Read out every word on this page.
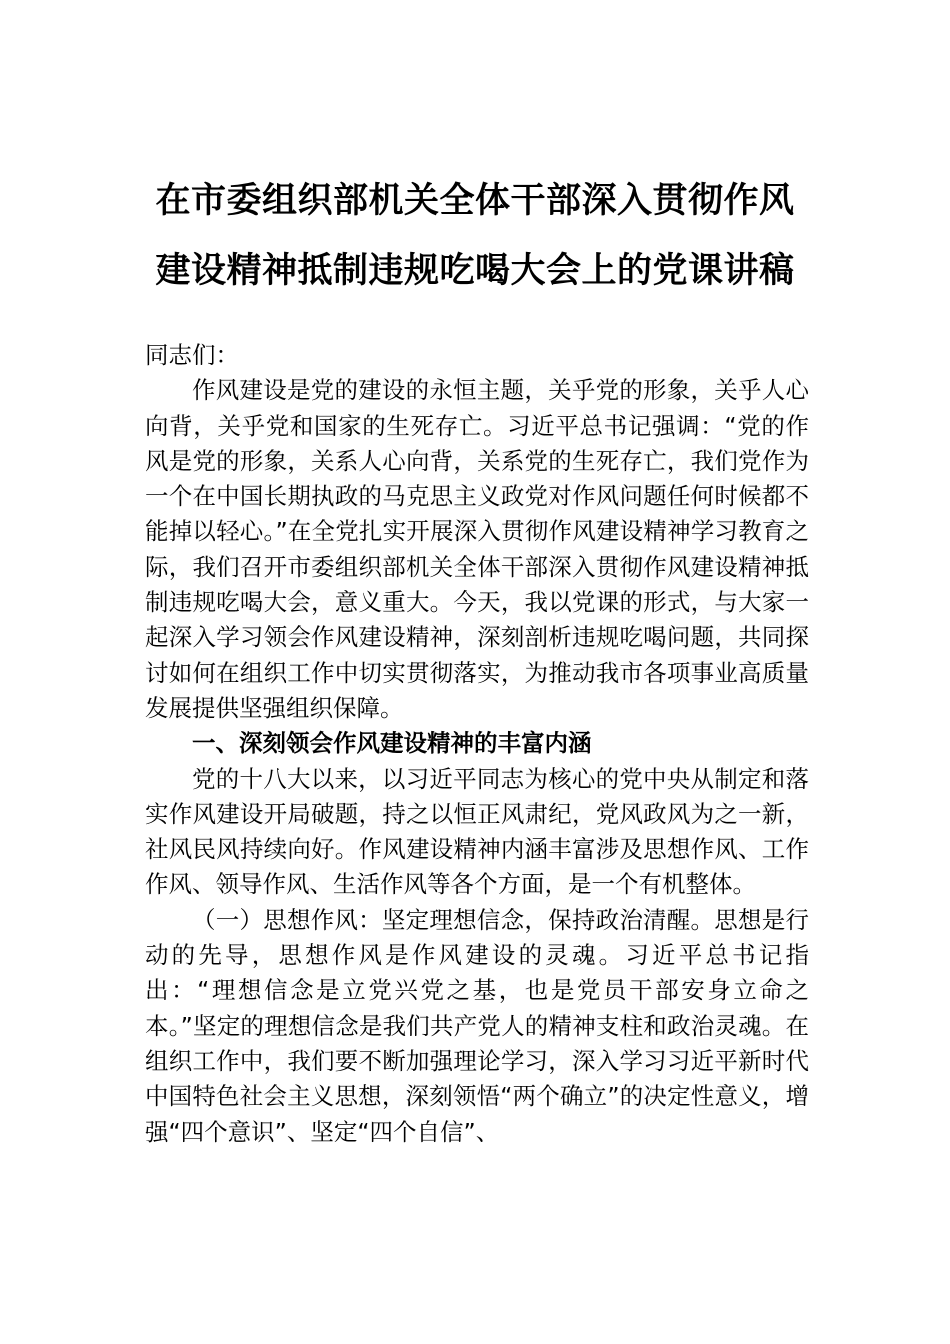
在市委组织部机关全体干部深入贯彻作风
建设精神抵制违规吃喝大会上的党课讲稿

同志们：

作风建设是党的建设的永恒主题，关乎党的形象，关乎人心向背，关乎党和国家的生死存亡。习近平总书记强调：“党的作风是党的形象，关系人心向背，关系党的生死存亡，我们党作为一个在中国长期执政的马克思主义政党对作风问题任何时候都不能掉以轻心。”在全党扎实开展深入贯彻作风建设精神学习教育之际，我们召开市委组织部机关全体干部深入贯彻作风建设精神抵制违规吃喝大会，意义重大。今天，我以党课的形式，与大家一起深入学习领会作风建设精神，深刻剖析违规吃喝问题，共同探讨如何在组织工作中切实贯彻落实，为推动我市各项事业高质量发展提供坚强组织保障。

一、深刻领会作风建设精神的丰富内涵

党的十八大以来，以习近平同志为核心的党中央从制定和落实作风建设开局破题，持之以恒正风肃纪，党风政风为之一新，社风民风持续向好。作风建设精神内涵丰富涉及思想作风、工作作风、领导作风、生活作风等各个方面，是一个有机整体。

（一）思想作风：坚定理想信念，保持政治清醒。思想是行动的先导，思想作风是作风建设的灵魂。习近平总书记指出：“理想信念是立党兴党之基，也是党员干部安身立命之本。”坚定的理想信念是我们共产党人的精神支柱和政治灵魂。在组织工作中，我们要不断加强理论学习，深入学习习近平新时代中国特色社会主义思想，深刻领悟“两个确立”的决定性意义，增强“四个意识”、坚定“四个自信”、
